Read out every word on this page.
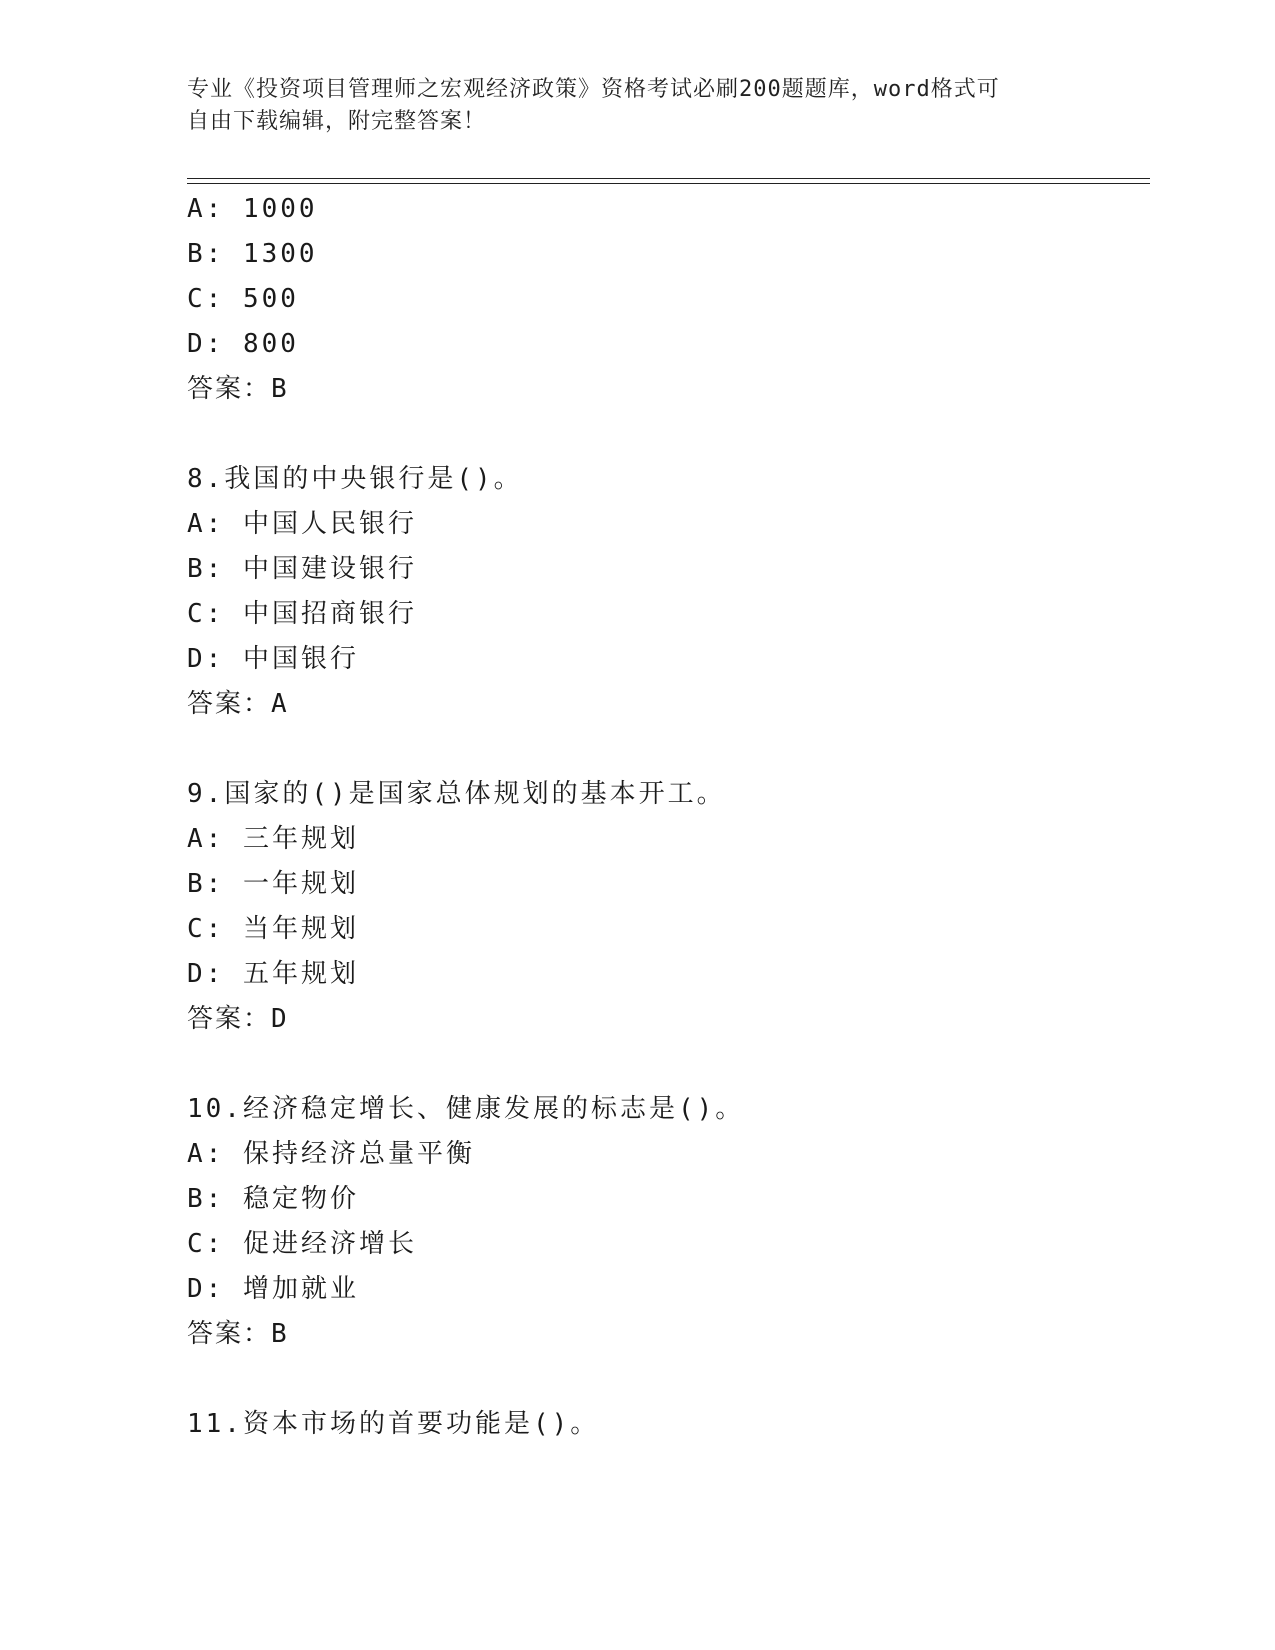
专业《投资项目管理师之宏观经济政策》资格考试必刷200题题库，word格式可
自由下载编辑，附完整答案！
A: 1000
B: 1300
C: 500
D: 800
答案：B
8.我国的中央银行是()。
A: 中国人民银行
B: 中国建设银行
C: 中国招商银行
D: 中国银行
答案：A
9.国家的()是国家总体规划的基本开工。
A: 三年规划
B: 一年规划
C: 当年规划
D: 五年规划
答案：D
10.经济稳定增长、健康发展的标志是()。
A: 保持经济总量平衡
B: 稳定物价
C: 促进经济增长
D: 增加就业
答案：B
11.资本市场的首要功能是()。
